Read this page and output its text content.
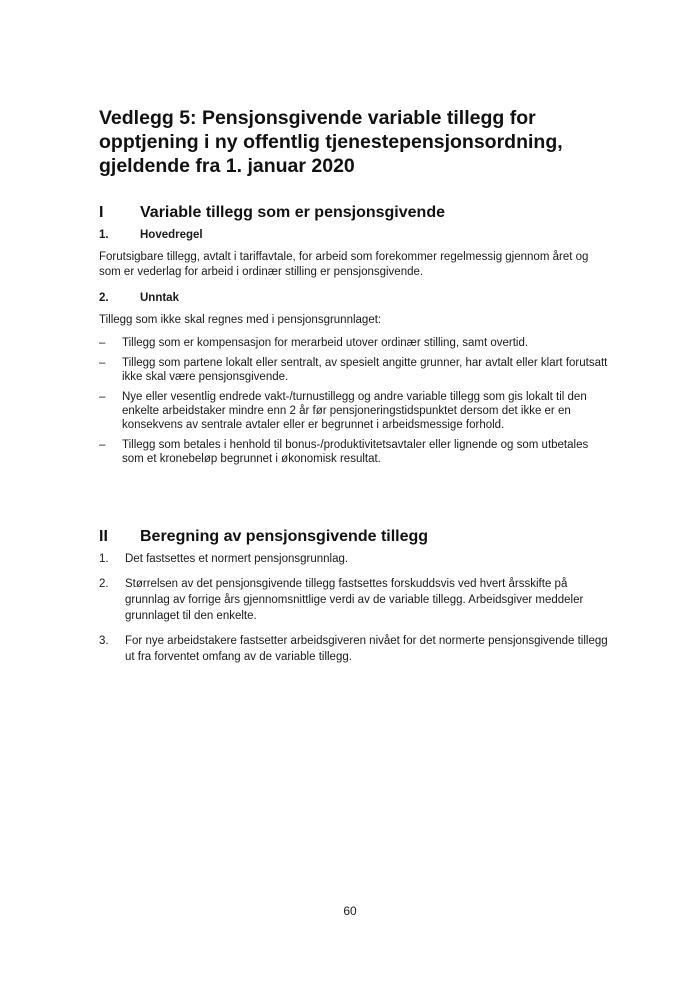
Vedlegg 5: Pensjonsgivende variable tillegg for opptjening i ny offentlig tjenestepensjonsordning, gjeldende fra 1. januar 2020
I Variable tillegg som er pensjonsgivende
1.	Hovedregel

Forutsigbare tillegg, avtalt i tariffavtale, for arbeid som forekommer regelmessig gjennom året og som er vederlag for arbeid i ordinær stilling er pensjonsgivende.

2.	Unntak

Tillegg som ikke skal regnes med i pensjonsgrunnlaget:

– Tillegg som er kompensasjon for merarbeid utover ordinær stilling, samt overtid.
– Tillegg som partene lokalt eller sentralt, av spesielt angitte grunner, har avtalt eller klart forutsatt ikke skal være pensjonsgivende.
– Nye eller vesentlig endrede vakt-/turnustillegg og andre variable tillegg som gis lokalt til den enkelte arbeidstaker mindre enn 2 år før pensjoneringstidspunktet dersom det ikke er en konsekvens av sentrale avtaler eller er begrunnet i arbeidsmessige forhold.
– Tillegg som betales i henhold til bonus-/produktivitetsavtaler eller lignende og som utbetales som et kronebeløp begrunnet i økonomisk resultat.
II Beregning av pensjonsgivende tillegg
1. Det fastsettes et normert pensjonsgrunnlag.
2. Størrelsen av det pensjonsgivende tillegg fastsettes forskuddsvis ved hvert årsskifte på grunnlag av forrige års gjennomsnittlige verdi av de variable tillegg. Arbeidsgiver meddeler grunnlaget til den enkelte.
3. For nye arbeidstakere fastsetter arbeidsgiveren nivået for det normerte pensjonsgivende tillegg ut fra forventet omfang av de variable tillegg.
60
